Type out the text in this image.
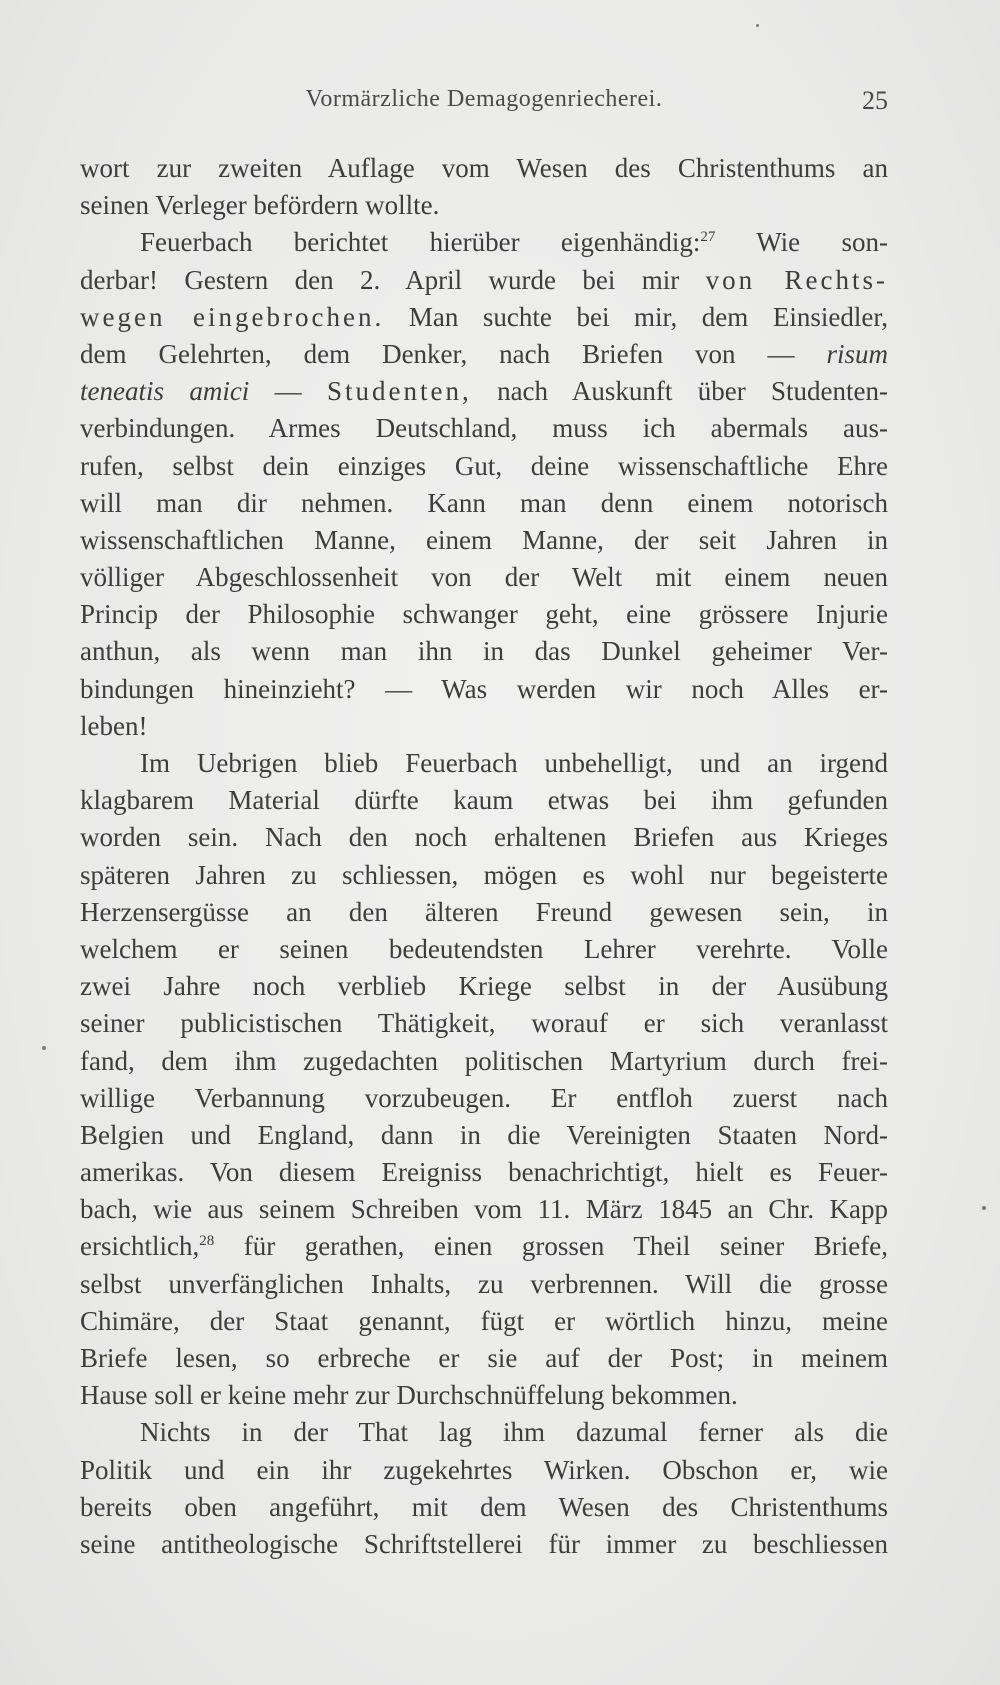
Vormärzliche Demagogenriecherei.	25
wort zur zweiten Auflage vom Wesen des Christenthums an
seinen Verleger befördern wollte.
Feuerbach berichtet hierüber eigenhändig:$^{27}$ Wie son-
derbar! Gestern den 2. April wurde bei mir von Rechts-
wegen eingebrochen. Man suchte bei mir, dem Einsiedler,
dem Gelehrten, dem Denker, nach Briefen von — risum
teneatis amici — Studenten, nach Auskunft über Studenten-
verbindungen. Armes Deutschland, muss ich abermals aus-
rufen, selbst dein einziges Gut, deine wissenschaftliche Ehre
will man dir nehmen. Kann man denn einem notorisch
wissenschaftlichen Manne, einem Manne, der seit Jahren in
völliger Abgeschlossenheit von der Welt mit einem neuen
Princip der Philosophie schwanger geht, eine grössere Injurie
anthun, als wenn man ihn in das Dunkel geheimer Ver-
bindungen hineinzieht? — Was werden wir noch Alles er-
leben!
Im Uebrigen blieb Feuerbach unbehelligt, und an irgend
klagbarem Material dürfte kaum etwas bei ihm gefunden
worden sein. Nach den noch erhaltenen Briefen aus Krieges
späteren Jahren zu schliessen, mögen es wohl nur begeisterte
Herzensergüsse an den älteren Freund gewesen sein, in
welchem er seinen bedeutendsten Lehrer verehrte. Volle
zwei Jahre noch verblieb Kriege selbst in der Ausübung
seiner publicistischen Thätigkeit, worauf er sich veranlasst
fand, dem ihm zugedachten politischen Martyrium durch frei-
willige Verbannung vorzubeugen. Er entfloh zuerst nach
Belgien und England, dann in die Vereinigten Staaten Nord-
amerikas. Von diesem Ereigniss benachrichtigt, hielt es Feuer-
bach, wie aus seinem Schreiben vom 11. März 1845 an Chr. Kapp
ersichtlich,$^{28}$ für gerathen, einen grossen Theil seiner Briefe,
selbst unverfänglichen Inhalts, zu verbrennen. Will die grosse
Chimäre, der Staat genannt, fügt er wörtlich hinzu, meine
Briefe lesen, so erbreche er sie auf der Post; in meinem
Hause soll er keine mehr zur Durchschnüffelung bekommen.
Nichts in der That lag ihm dazumal ferner als die
Politik und ein ihr zugekehrtes Wirken. Obschon er, wie
bereits oben angeführt, mit dem Wesen des Christenthums
seine antitheologische Schriftstellerei für immer zu beschliessen
